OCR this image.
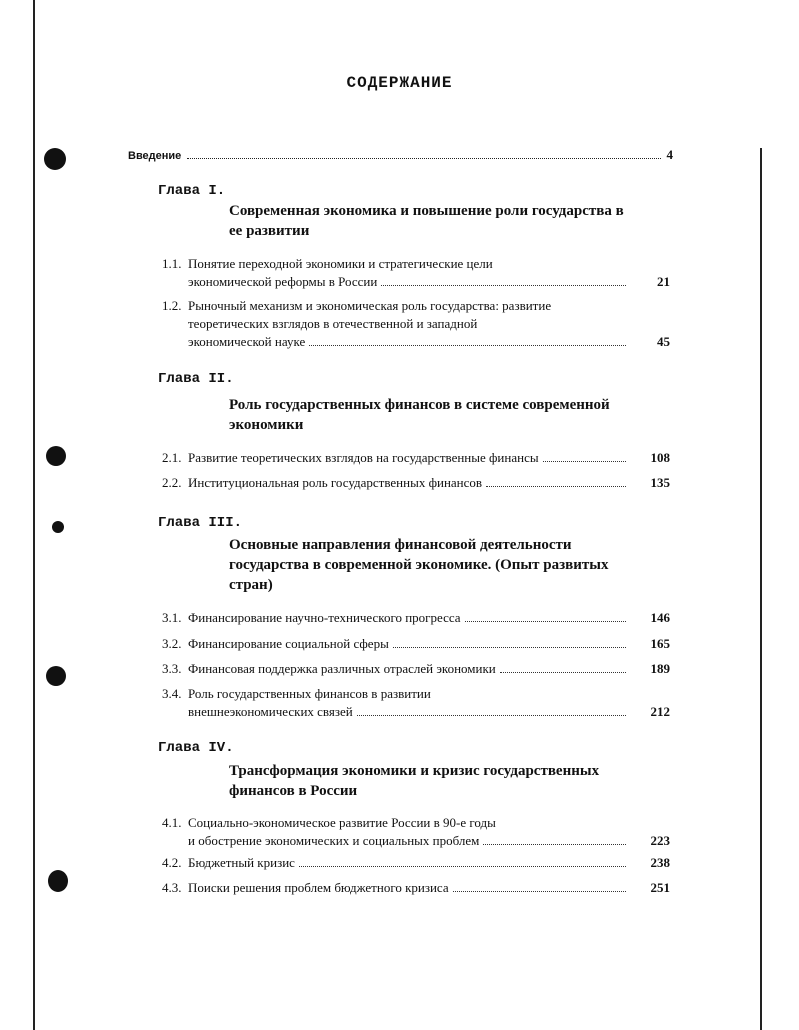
СОДЕРЖАНИЕ
Введение	4
Глава I.
Современная экономика и повышение роли государства в ее развитии
1.1. Понятие переходной экономики и стратегические цели
экономической реформы в России	21
1.2. Рыночный механизм и экономическая роль государства: развитие
теоретических взглядов в отечественной и западной
экономической науке	45
Глава II.
Роль государственных финансов в системе современной экономики
2.1. Развитие теоретических взглядов на государственные финансы	108
2.2. Институциональная роль государственных финансов	135
Глава III.
Основные направления финансовой деятельности государства в современной экономике. (Опыт развитых стран)
3.1. Финансирование научно-технического прогресса	146
3.2. Финансирование социальной сферы	165
3.3. Финансовая поддержка различных отраслей экономики	189
3.4. Роль государственных финансов в развитии
внешнеэкономических связей	212
Глава IV.
Трансформация экономики и кризис государственных финансов в России
4.1. Социально-экономическое развитие России в 90-е годы
и обострение экономических и социальных проблем	223
4.2. Бюджетный кризис	238
4.3. Поиски решения проблем бюджетного кризиса	251
